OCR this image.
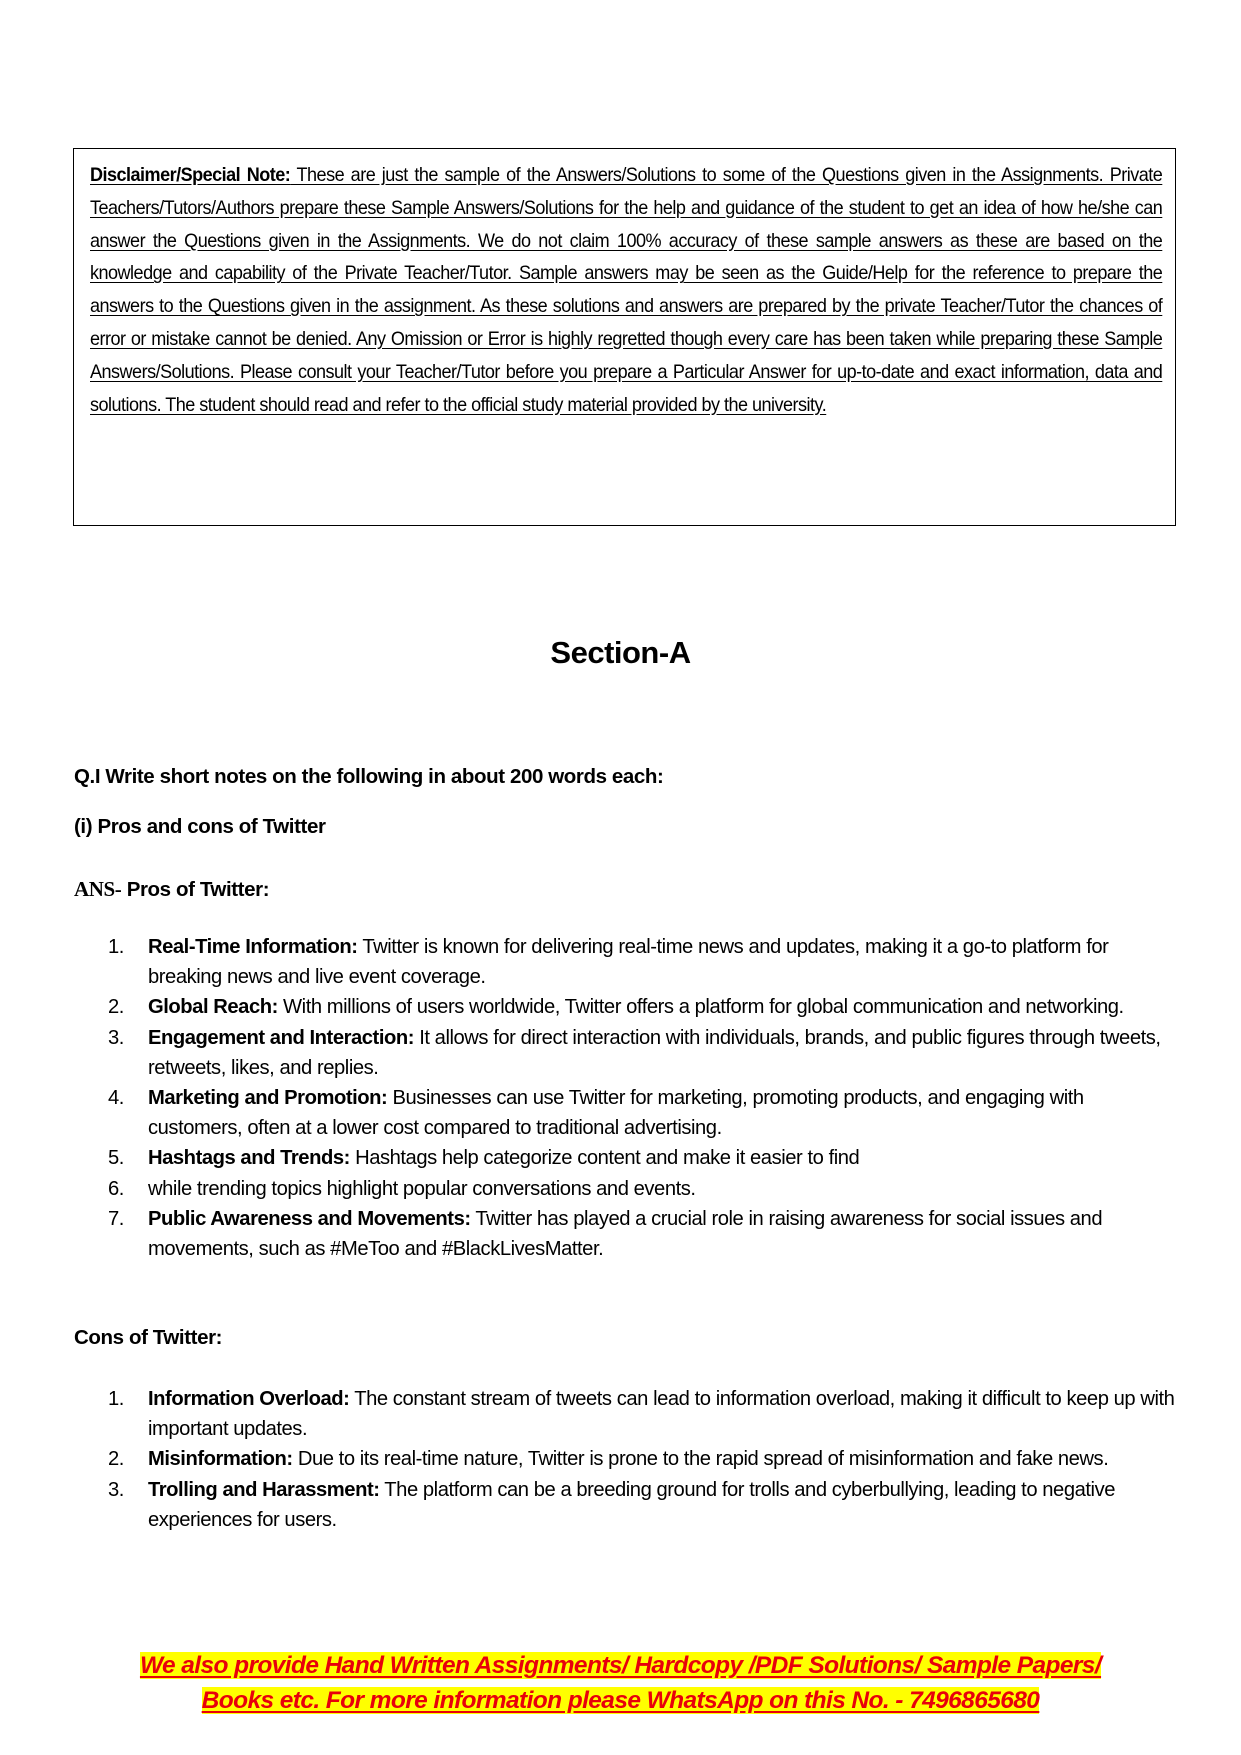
Disclaimer/Special Note: These are just the sample of the Answers/Solutions to some of the Questions given in the Assignments. Private Teachers/Tutors/Authors prepare these Sample Answers/Solutions for the help and guidance of the student to get an idea of how he/she can answer the Questions given in the Assignments. We do not claim 100% accuracy of these sample answers as these are based on the knowledge and capability of the Private Teacher/Tutor. Sample answers may be seen as the Guide/Help for the reference to prepare the answers to the Questions given in the assignment. As these solutions and answers are prepared by the private Teacher/Tutor the chances of error or mistake cannot be denied. Any Omission or Error is highly regretted though every care has been taken while preparing these Sample Answers/Solutions. Please consult your Teacher/Tutor before you prepare a Particular Answer for up-to-date and exact information, data and solutions. The student should read and refer to the official study material provided by the university.
Section-A
Q.I Write short notes on the following in about 200 words each:
(i) Pros and cons of Twitter
ANS- Pros of Twitter:
1.	Real-Time Information: Twitter is known for delivering real-time news and updates, making it a go-to platform for breaking news and live event coverage.
2.	Global Reach: With millions of users worldwide, Twitter offers a platform for global communication and networking.
3.	Engagement and Interaction: It allows for direct interaction with individuals, brands, and public figures through tweets, retweets, likes, and replies.
4.	Marketing and Promotion: Businesses can use Twitter for marketing, promoting products, and engaging with customers, often at a lower cost compared to traditional advertising.
5.	Hashtags and Trends: Hashtags help categorize content and make it easier to find
6.	while trending topics highlight popular conversations and events.
7.	Public Awareness and Movements: Twitter has played a crucial role in raising awareness for social issues and movements, such as #MeToo and #BlackLivesMatter.
Cons of Twitter:
1.	Information Overload: The constant stream of tweets can lead to information overload, making it difficult to keep up with important updates.
2.	Misinformation: Due to its real-time nature, Twitter is prone to the rapid spread of misinformation and fake news.
3.	Trolling and Harassment: The platform can be a breeding ground for trolls and cyberbullying, leading to negative experiences for users.
We also provide Hand Written Assignments/ Hardcopy /PDF Solutions/ Sample Papers/
Books etc. For more information please WhatsApp on this No. - 7496865680
